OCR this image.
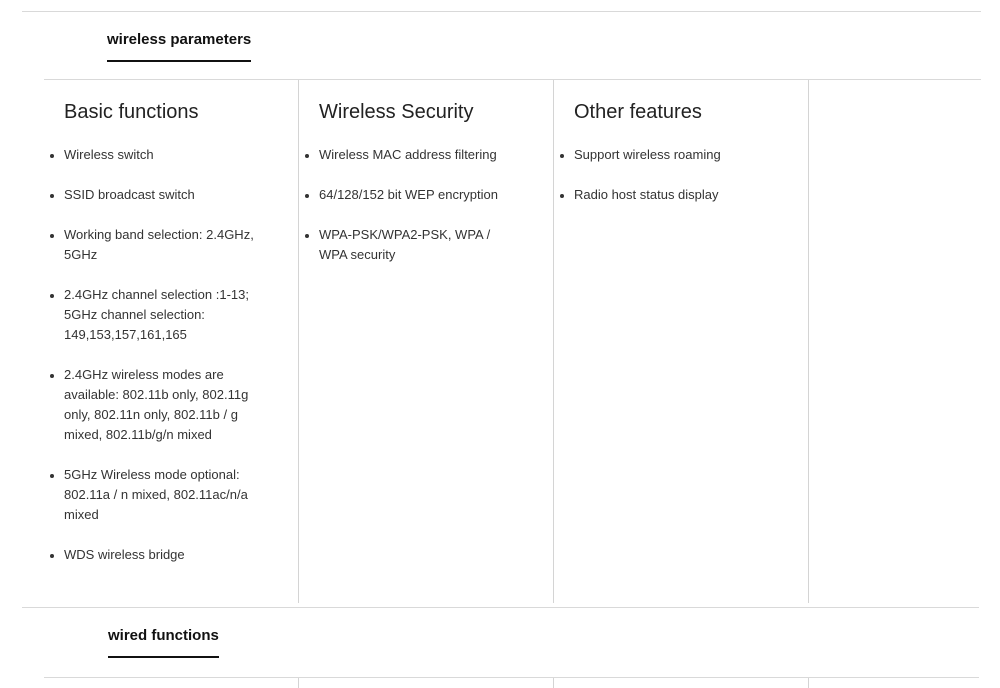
wireless parameters
Basic functions
Wireless switch
SSID broadcast switch
Working band selection: 2.4GHz, 5GHz
2.4GHz channel selection :1-13; 5GHz channel selection: 149,153,157,161,165
2.4GHz wireless modes are available: 802.11b only, 802.11g only, 802.11n only, 802.11b / g mixed, 802.11b/g/n mixed
5GHz Wireless mode optional: 802.11a / n mixed, 802.11ac/n/a mixed
WDS wireless bridge
Wireless Security
Wireless MAC address filtering
64/128/152 bit WEP encryption
WPA-PSK/WPA2-PSK, WPA / WPA security
Other features
Support wireless roaming
Radio host status display
wired functions
